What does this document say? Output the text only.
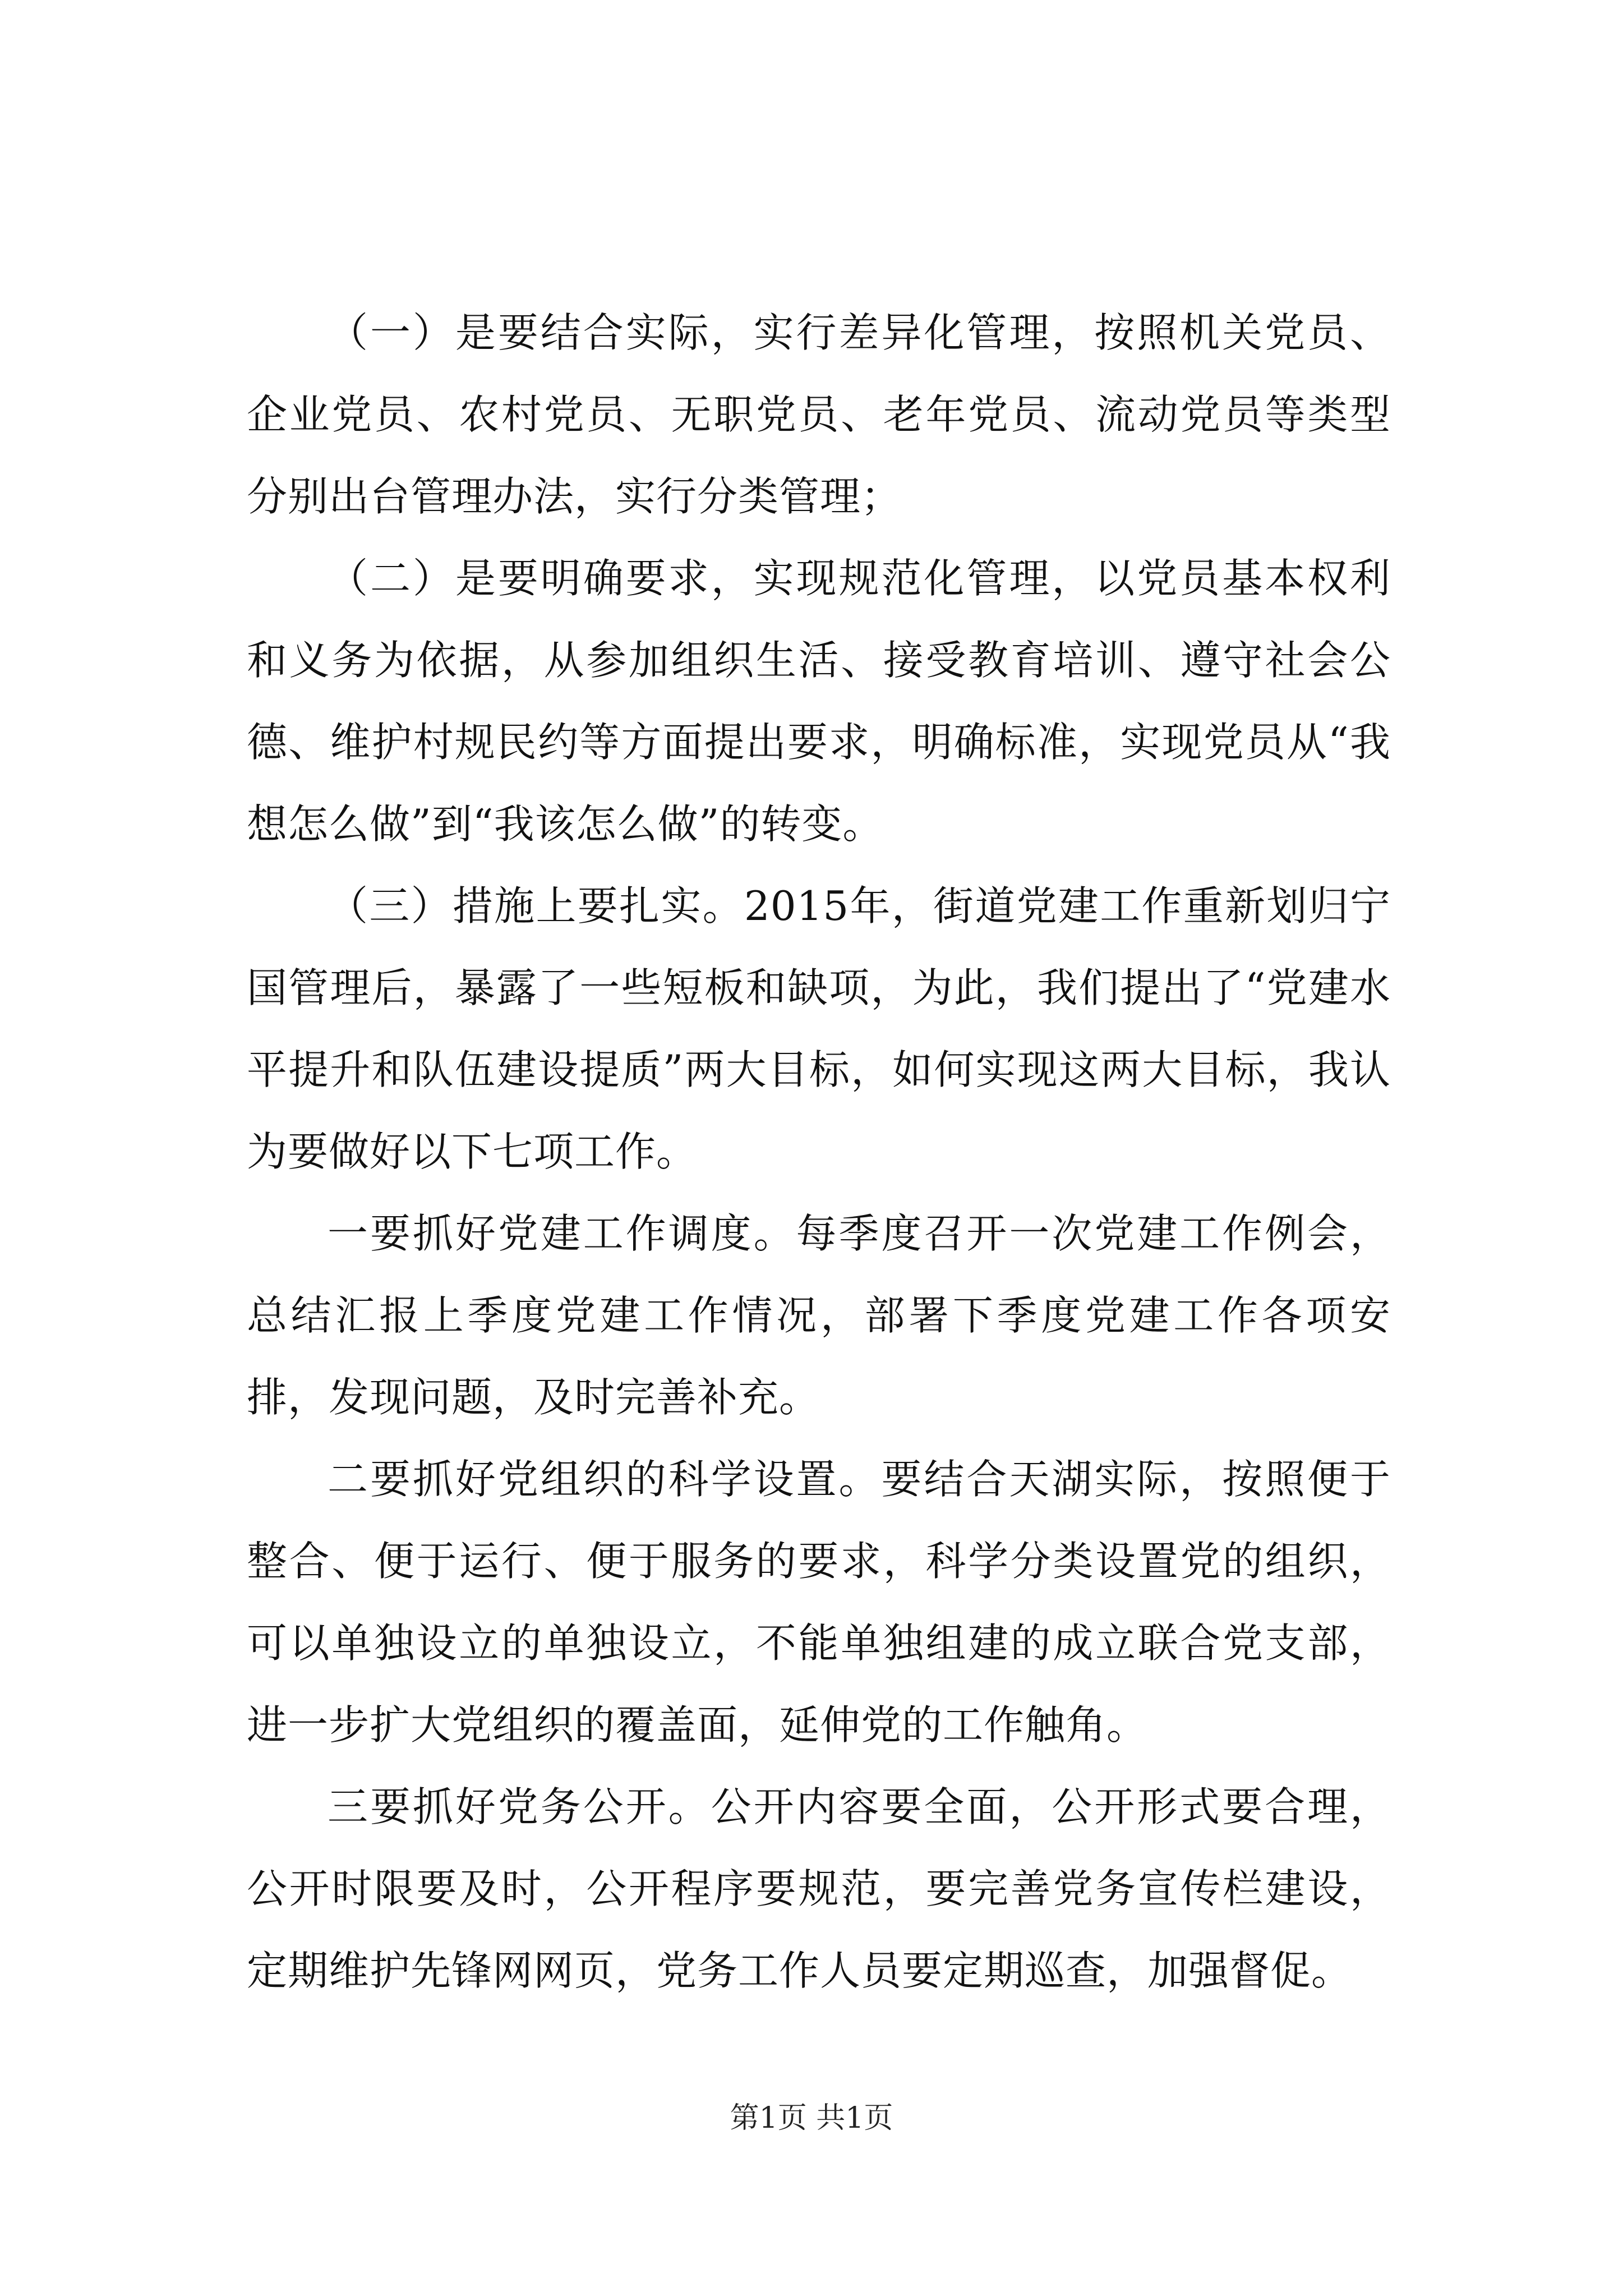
（一）是要结合实际，实行差异化管理，按照机关党员、企业党员、农村党员、无职党员、老年党员、流动党员等类型分别出台管理办法，实行分类管理；

（二）是要明确要求，实现规范化管理，以党员基本权利和义务为依据，从参加组织生活、接受教育培训、遵守社会公德、维护村规民约等方面提出要求，明确标准，实现党员从“我想怎么做”到“我该怎么做”的转变。

（三）措施上要扎实。2015年，街道党建工作重新划归宁国管理后，暴露了一些短板和缺项，为此，我们提出了“党建水平提升和队伍建设提质”两大目标，如何实现这两大目标，我认为要做好以下七项工作。

一要抓好党建工作调度。每季度召开一次党建工作例会，总结汇报上季度党建工作情况，部署下季度党建工作各项安排，发现问题，及时完善补充。

二要抓好党组织的科学设置。要结合天湖实际，按照便于整合、便于运行、便于服务的要求，科学分类设置党的组织，可以单独设立的单独设立，不能单独组建的成立联合党支部，进一步扩大党组织的覆盖面，延伸党的工作触角。

三要抓好党务公开。公开内容要全面，公开形式要合理，公开时限要及时，公开程序要规范，要完善党务宣传栏建设，定期维护先锋网网页，党务工作人员要定期巡查，加强督促。

第1页 共1页
